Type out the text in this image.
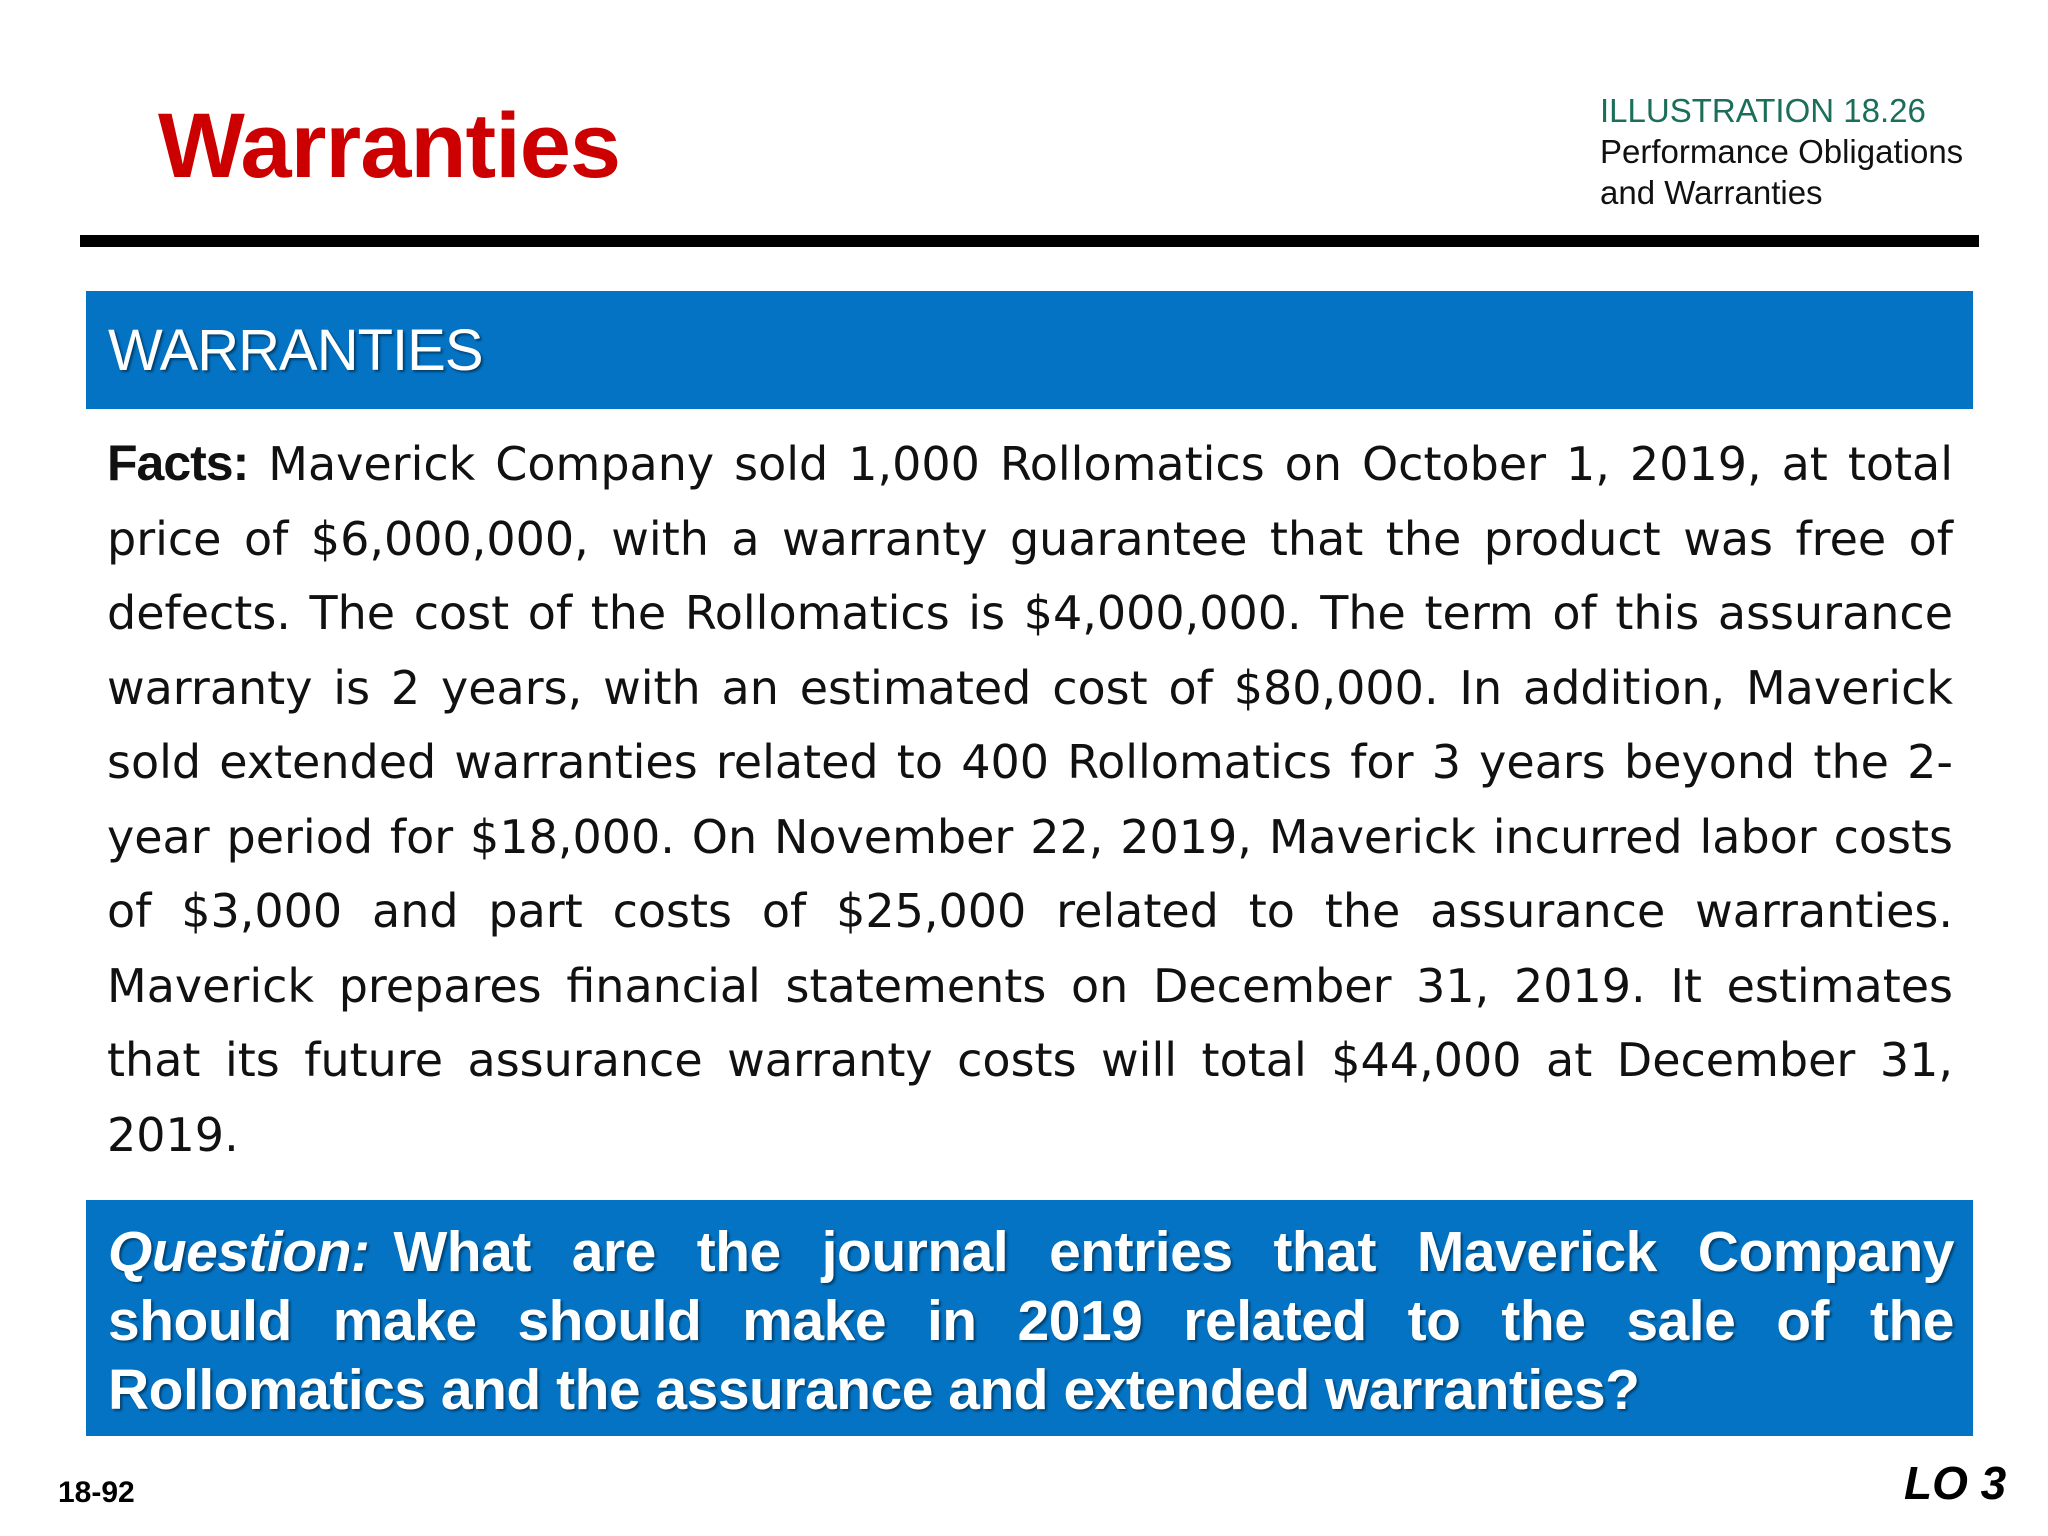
Warranties	ILLUSTRATION 18.26
Performance Obligations and Warranties
WARRANTIES
Facts: Maverick Company sold 1,000 Rollomatics on October 1, 2019, at total price of $6,000,000, with a warranty guarantee that the product was free of defects. The cost of the Rollomatics is $4,000,000. The term of this assurance warranty is 2 years, with an estimated cost of $80,000. In addition, Maverick sold extended warranties related to 400 Rollomatics for 3 years beyond the 2-year period for $18,000. On November 22, 2019, Maverick incurred labor costs of $3,000 and part costs of $25,000 related to the assurance warranties. Maverick prepares financial statements on December 31, 2019. It estimates that its future assurance warranty costs will total $44,000 at December 31, 2019.
Question: What are the journal entries that Maverick Company should make should make in 2019 related to the sale of the Rollomatics and the assurance and extended warranties?
18-92	LO 3
